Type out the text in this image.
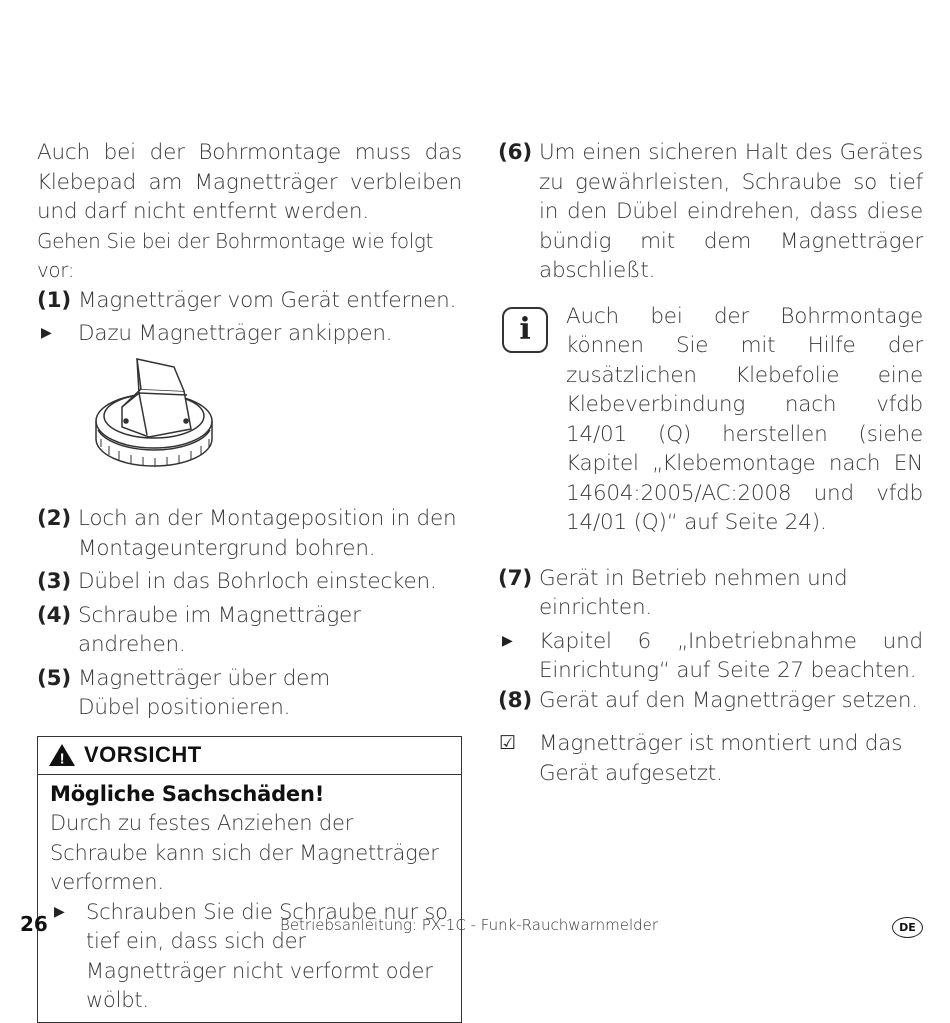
Auch bei der Bohrmontage muss das Klebepad am Magnetträger verbleiben und darf nicht entfernt werden.

Gehen Sie bei der Bohrmontage wie folgt vor:

(1) Magnetträger vom Gerät entfernen.
▶ Dazu Magnetträger ankippen.
(2) Loch an der Montageposition in den Montageuntergrund bohren.
(3) Dübel in das Bohrloch einstecken.
(4) Schraube im Magnetträger andrehen.
(5) Magnetträger über dem
Dübel positionieren.
! VORSICHT
Mögliche Sachschäden!
Durch zu festes Anziehen der Schraube kann sich der Magnetträger verformen.
▶ Schrauben Sie die Schraube nur so tief ein, dass sich der Magnetträger nicht verformt oder wölbt.
(6) Um einen sicheren Halt des Gerätes zu gewährleisten, Schraube so tief in den Dübel eindrehen, dass diese bündig mit dem Magnetträger abschließt.
i	Auch bei der Bohrmontage können Sie mit Hilfe der zusätzlichen Klebefolie eine Klebeverbindung nach vfdb 14/01 (Q) herstellen (siehe Kapitel „Klebemontage nach EN 14604:2005/AC:2008 und vfdb 14/01 (Q)“ auf Seite 24).
(7) Gerät in Betrieb nehmen und einrichten.
▶ Kapitel 6 „Inbetriebnahme und Einrichtung“ auf Seite 27 beachten.
(8) Gerät auf den Magnetträger setzen.
☑ Magnetträger ist montiert und das Gerät aufgesetzt.
26	Betriebsanleitung: PX-1C - Funk-Rauchwarnmelder	DE
